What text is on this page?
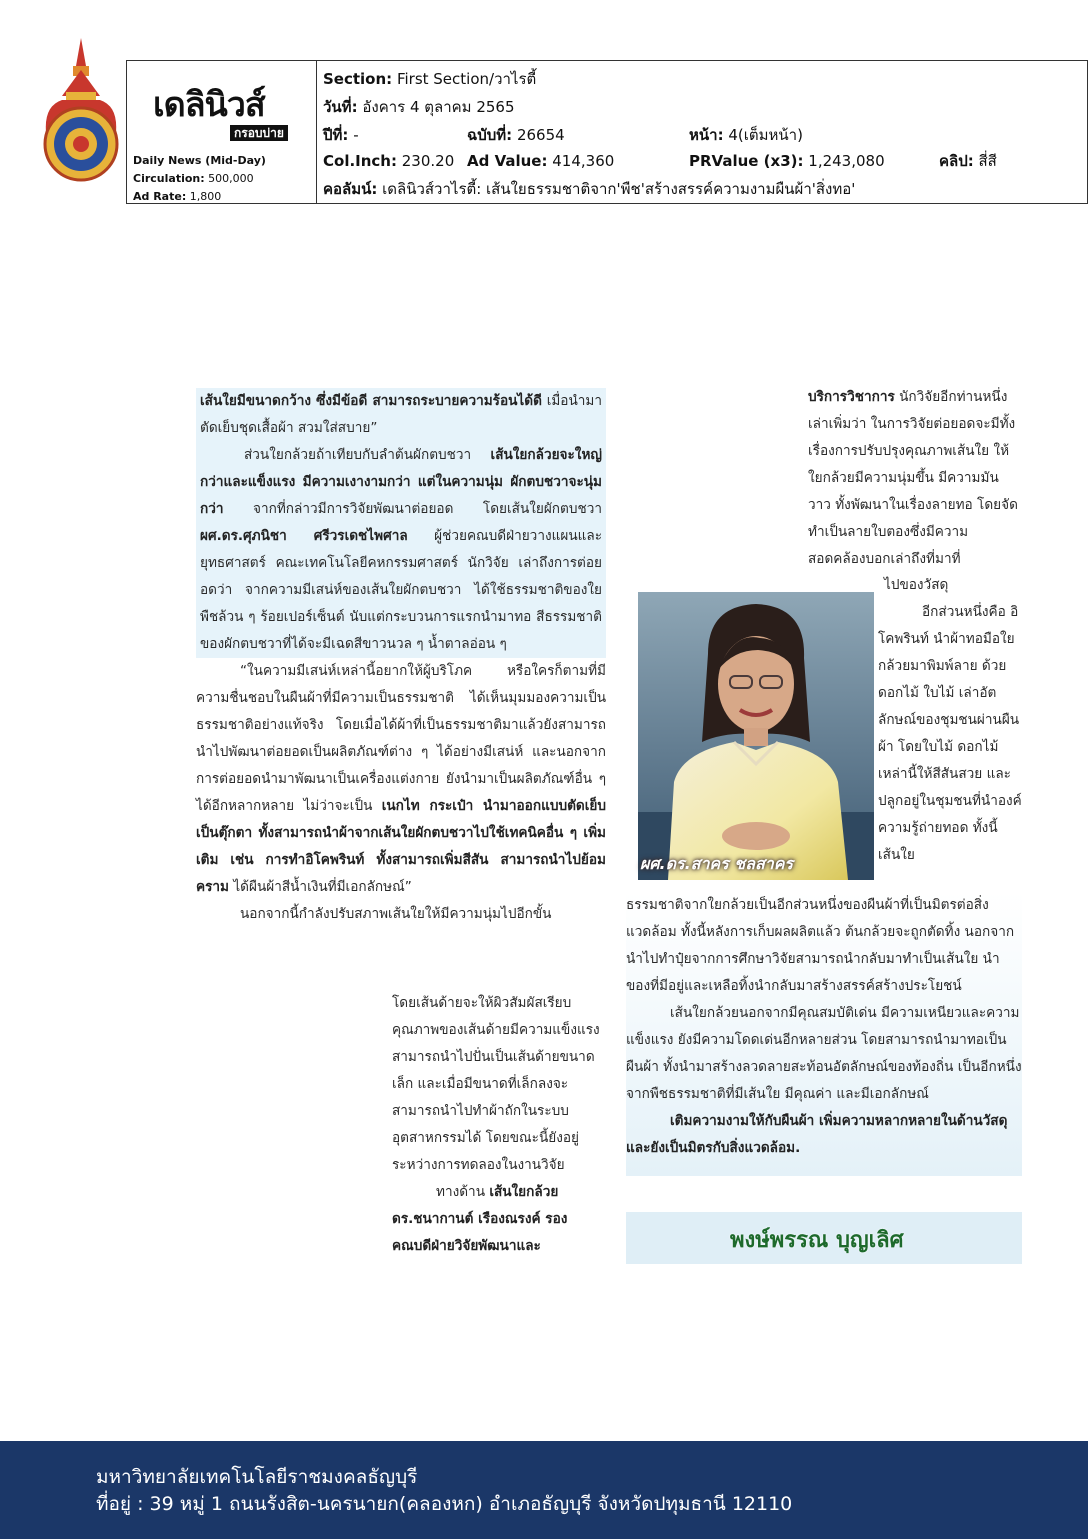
เดลินิวส์
กรอบบ่าย
Daily News (Mid-Day)
Circulation: 500,000
Ad Rate: 1,800
Section: First Section/วาไรตี้
วันที่: อังคาร 4 ตุลาคม 2565
ปีที่: -	ฉบับที่: 26654	หน้า: 4(เต็มหน้า)
Col.Inch: 230.20 Ad Value: 414,360	PRValue (x3): 1,243,080	คลิป: สี่สี
คอลัมน์: เดลินิวส์วาไรตี้: เส้นใยธรรมชาติจาก'พืช'สร้างสรรค์ความงามผืนผ้า'สิ่งทอ'

เส้นใยมีขนาดกว้าง ซึ่งมีข้อดี สามารถระบายความร้อนได้ดี เมื่อนำมาตัดเย็บชุดเสื้อผ้า สวมใส่สบาย”

ส่วนใยกล้วยถ้าเทียบกับลำต้นผักตบชวา เส้นใยกล้วยจะใหญ่กว่าและแข็งแรง มีความเงางามกว่า แต่ในความนุ่ม ผักตบชวาจะนุ่มกว่า จากที่กล่าวมีการวิจัยพัฒนาต่อยอด โดยเส้นใยผักตบชวา ผศ.ดร.ศุภนิชา ศรีวรเดชไพศาล ผู้ช่วยคณบดีฝ่ายวางแผนและยุทธศาสตร์ คณะเทคโนโลยีคหกรรมศาสตร์ นักวิจัย เล่าถึงการต่อยอดว่า จากความมีเสน่ห์ของเส้นใยผักตบชวา ได้ใช้ธรรมชาติของใยพืชล้วน ๆ ร้อยเปอร์เซ็นต์ นับแต่กระบวนการแรกนำมาทอ สีธรรมชาติของผักตบชวาที่ได้จะมีเฉดสีขาวนวล ๆ น้ำตาลอ่อน ๆ

“ในความมีเสน่ห์เหล่านี้อยากให้ผู้บริโภค หรือใครก็ตามที่มีความชื่นชอบในผืนผ้าที่มีความเป็นธรรมชาติ ได้เห็นมุมมองความเป็นธรรมชาติอย่างแท้จริง โดยเมื่อได้ผ้าที่เป็นธรรมชาติมาแล้วยังสามารถนำไปพัฒนาต่อยอดเป็นผลิตภัณฑ์ต่าง ๆ ได้อย่างมีเสน่ห์ และนอกจากการต่อยอดนำมาพัฒนาเป็นเครื่องแต่งกาย ยังนำมาเป็นผลิตภัณฑ์อื่น ๆ ได้อีกหลากหลาย ไม่ว่าจะเป็น เนกไท กระเป๋า นำมาออกแบบตัดเย็บเป็นตุ๊กตา ทั้งสามารถนำผ้าจากเส้นใยผักตบชวาไปใช้เทคนิคอื่น ๆ เพิ่มเติม เช่น การทำอิโคพรินท์ ทั้งสามารถเพิ่มสีสัน สามารถนำไปย้อมคราม ได้ผืนผ้าสีน้ำเงินที่มีเอกลักษณ์”

นอกจากนี้กำลังปรับสภาพเส้นใยให้มีความนุ่มไปอีกขั้น

โดยเส้นด้ายจะให้ผิวสัมผัสเรียบ คุณภาพของเส้นด้ายมีความแข็งแรงสามารถนำไปปั่นเป็นเส้นด้ายขนาดเล็ก และเมื่อมีขนาดที่เล็กลงจะสามารถนำไปทำผ้าถักในระบบอุตสาหกรรมได้ โดยขณะนี้ยังอยู่ระหว่างการทดลองในงานวิจัย

ทางด้าน เส้นใยกล้วย ดร.ชนากานต์ เรืองณรงค์ รองคณบดีฝ่ายวิจัยพัฒนาและ

บริการวิชาการ นักวิจัยอีกท่านหนึ่งเล่าเพิ่มว่า ในการวิจัยต่อยอดจะมีทั้งเรื่องการปรับปรุงคุณภาพเส้นใย ให้ใยกล้วยมีความนุ่มขึ้น มีความมันวาว ทั้งพัฒนาในเรื่องลายทอ โดยจัดทำเป็นลายใบตองซึ่งมีความสอดคล้องบอกเล่าถึงที่มาที่

ผศ.ดร.สาคร ชลสาคร

ไปของวัสดุ

อีกส่วนหนึ่งคือ อิโคพรินท์ นำผ้าทอมือใยกล้วยมาพิมพ์ลาย ด้วยดอกไม้ ใบไม้ เล่าอัตลักษณ์ของชุมชนผ่านผืนผ้า โดยใบไม้ ดอกไม้เหล่านี้ให้สีสันสวย และปลูกอยู่ในชุมชนที่นำองค์ความรู้ถ่ายทอด ทั้งนี้เส้นใย

ธรรมชาติจากใยกล้วยเป็นอีกส่วนหนึ่งของผืนผ้าที่เป็นมิตรต่อสิ่งแวดล้อม ทั้งนี้หลังการเก็บผลผลิตแล้ว ต้นกล้วยจะถูกตัดทิ้ง นอกจากนำไปทำปุ๋ยจากการศึกษาวิจัยสามารถนำกลับมาทำเป็นเส้นใย นำของที่มีอยู่และเหลือทิ้งนำกลับมาสร้างสรรค์สร้างประโยชน์

เส้นใยกล้วยนอกจากมีคุณสมบัติเด่น มีความเหนียวและความแข็งแรง ยังมีความโดดเด่นอีกหลายส่วน โดยสามารถนำมาทอเป็นผืนผ้า ทั้งนำมาสร้างลวดลายสะท้อนอัตลักษณ์ของท้องถิ่น เป็นอีกหนึ่งจากพืชธรรมชาติที่มีเส้นใย มีคุณค่า และมีเอกลักษณ์

เติมความงามให้กับผืนผ้า เพิ่มความหลากหลายในด้านวัสดุและยังเป็นมิตรกับสิ่งแวดล้อม.

พงษ์พรรณ บุญเลิศ
มหาวิทยาลัยเทคโนโลยีราชมงคลธัญบุรี
ที่อยู่ : 39 หมู่ 1 ถนนรังสิต-นครนายก(คลองหก) อำเภอธัญบุรี จังหวัดปทุมธานี 12110
